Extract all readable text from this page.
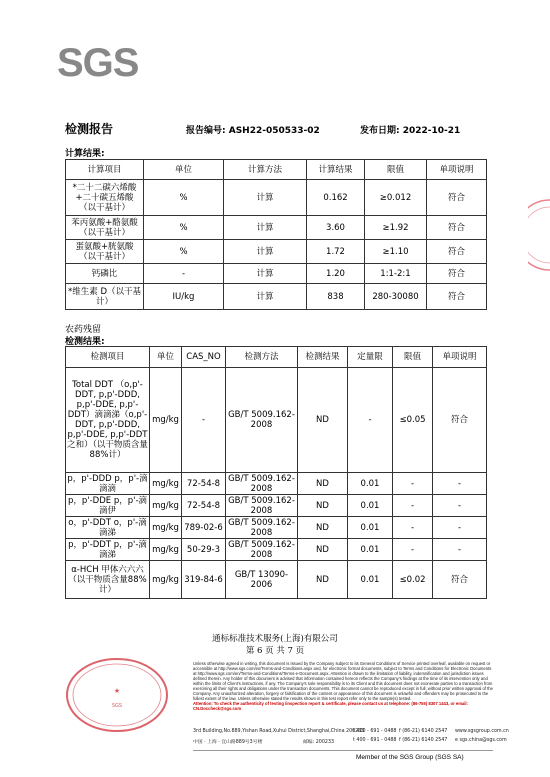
SGS
检测报告	报告编号: ASH22-050533-02	发布日期: 2022-10-21
计算结果:
计算项目	单位	计算方法	计算结果	限值	单项说明
*二十二碳六烯酸+二十碳五烯酸（以干基计）	%	计算	0.162	≥0.012	符合
苯丙氨酸+酪氨酸（以干基计）	%	计算	3.60	≥1.92	符合
蛋氨酸+胱氨酸（以干基计）	%	计算	1.72	≥1.10	符合
钙磷比	-	计算	1.20	1:1-2:1	符合
*维生素 D（以干基计）	IU/kg	计算	838	280-30080	符合
农药残留
检测结果:
检测项目	单位	CAS_NO	检测方法	检测结果	定量限	限值	单项说明
Total DDT （o,p'-DDT, p,p'-DDD, p,p'-DDE, p,p'-DDT）滴滴涕（o,p'-DDT, p,p'-DDD, p,p'-DDE, p,p'-DDT之和）（以干物质含量88%计）	mg/kg	-	GB/T 5009.162-2008	ND	-	≤0.05	符合
p，p'-DDD p，p'-滴滴滴	mg/kg	72-54-8	GB/T 5009.162-2008	ND	0.01	-	-
p，p'-DDE p，p'-滴滴伊	mg/kg	72-54-8	GB/T 5009.162-2008	ND	0.01	-	-
o，p'-DDT o，p'-滴滴涕	mg/kg	789-02-6	GB/T 5009.162-2008	ND	0.01	-	-
p，p'-DDT p，p'-滴滴涕	mg/kg	50-29-3	GB/T 5009.162-2008	ND	0.01	-	-
α-HCH 甲体六六六（以干物质含量88%计）	mg/kg	319-84-6	GB/T 13090-2006	ND	0.01	≤0.02	符合
通标标准技术服务(上海)有限公司
第 6 页 共 7 页
★
SGS
Unless otherwise agreed in writing, this document is issued by the Company subject to its General Conditions of Service printed overleaf, available on request or accessible at http://www.sgs.com/en/Terms-and-Conditions.aspx and, for electronic format documents, subject to Terms and Conditions for Electronic Documents at http://www.sgs.com/en/Terms-and-Conditions/Terms-e-Document.aspx. Attention is drawn to the limitation of liability, indemnification and jurisdiction issues defined therein. Any holder of this document is advised that information contained hereon reflects the Company's findings at the time of its intervention only and within the limits of Client's instructions, if any. The Company's sole responsibility is to its Client and this document does not exonerate parties to a transaction from exercising all their rights and obligations under the transaction documents. This document cannot be reproduced except in full, without prior written approval of the Company. Any unauthorized alteration, forgery or falsification of the content or appearance of this document is unlawful and offenders may be prosecuted to the fullest extent of the law. Unless otherwise stated the results shown in this test report refer only to the sample(s) tested.
Attention: To check the authenticity of testing /inspection report & certificate, please contact us at telephone: (86-755) 8307 1443, or email: CN.Doccheck@sgs.com
3rd Building,No.889,Yishan Road,Xuhui District,Shanghai,China 200233
t 400 - 691 - 0488 f (86-21) 6140 2547 www.sgsgroup.com.cn
中国 · 上海 · 宜山路889号3号楼	邮编: 200233	t 400 - 691 - 0488 f (86-21) 6140 2547 e sgs.china@sgs.com
Member of the SGS Group (SGS SA)
